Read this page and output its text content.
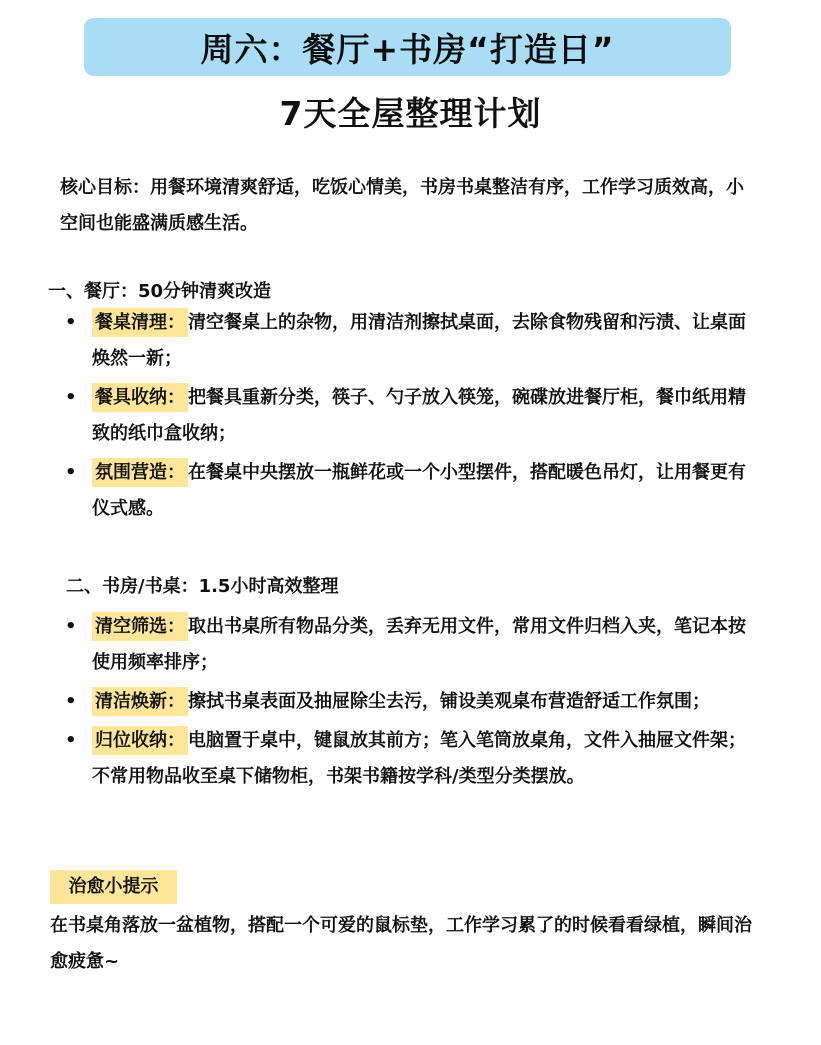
周六：餐厅+书房“打造日”
7天全屋整理计划

核心目标：用餐环境清爽舒适，吃饭心情美，书房书桌整洁有序，工作学习质效高，小空间也能盛满质感生活。

一、餐厅：50分钟清爽改造

• 餐桌清理： 清空餐桌上的杂物，用清洁剂擦拭桌面，去除食物残留和污渍、让桌面焕然一新；
• 餐具收纳： 把餐具重新分类，筷子、勺子放入筷笼，碗碟放进餐厅柜，餐巾纸用精致的纸巾盒收纳；
• 氛围营造： 在餐桌中央摆放一瓶鲜花或一个小型摆件，搭配暖色吊灯，让用餐更有仪式感。

二、书房/书桌：1.5小时高效整理

• 清空筛选： 取出书桌所有物品分类，丢弃无用文件，常用文件归档入夹，笔记本按使用频率排序；
• 清洁焕新： 擦拭书桌表面及抽屉除尘去污，铺设美观桌布营造舒适工作氛围；
• 归位收纳： 电脑置于桌中，键鼠放其前方；笔入笔筒放桌角，文件入抽屉文件架；不常用物品收至桌下储物柜，书架书籍按学科/类型分类摆放。
治愈小提示

在书桌角落放一盆植物，搭配一个可爱的鼠标垫，工作学习累了的时候看看绿植，瞬间治愈疲惫~
